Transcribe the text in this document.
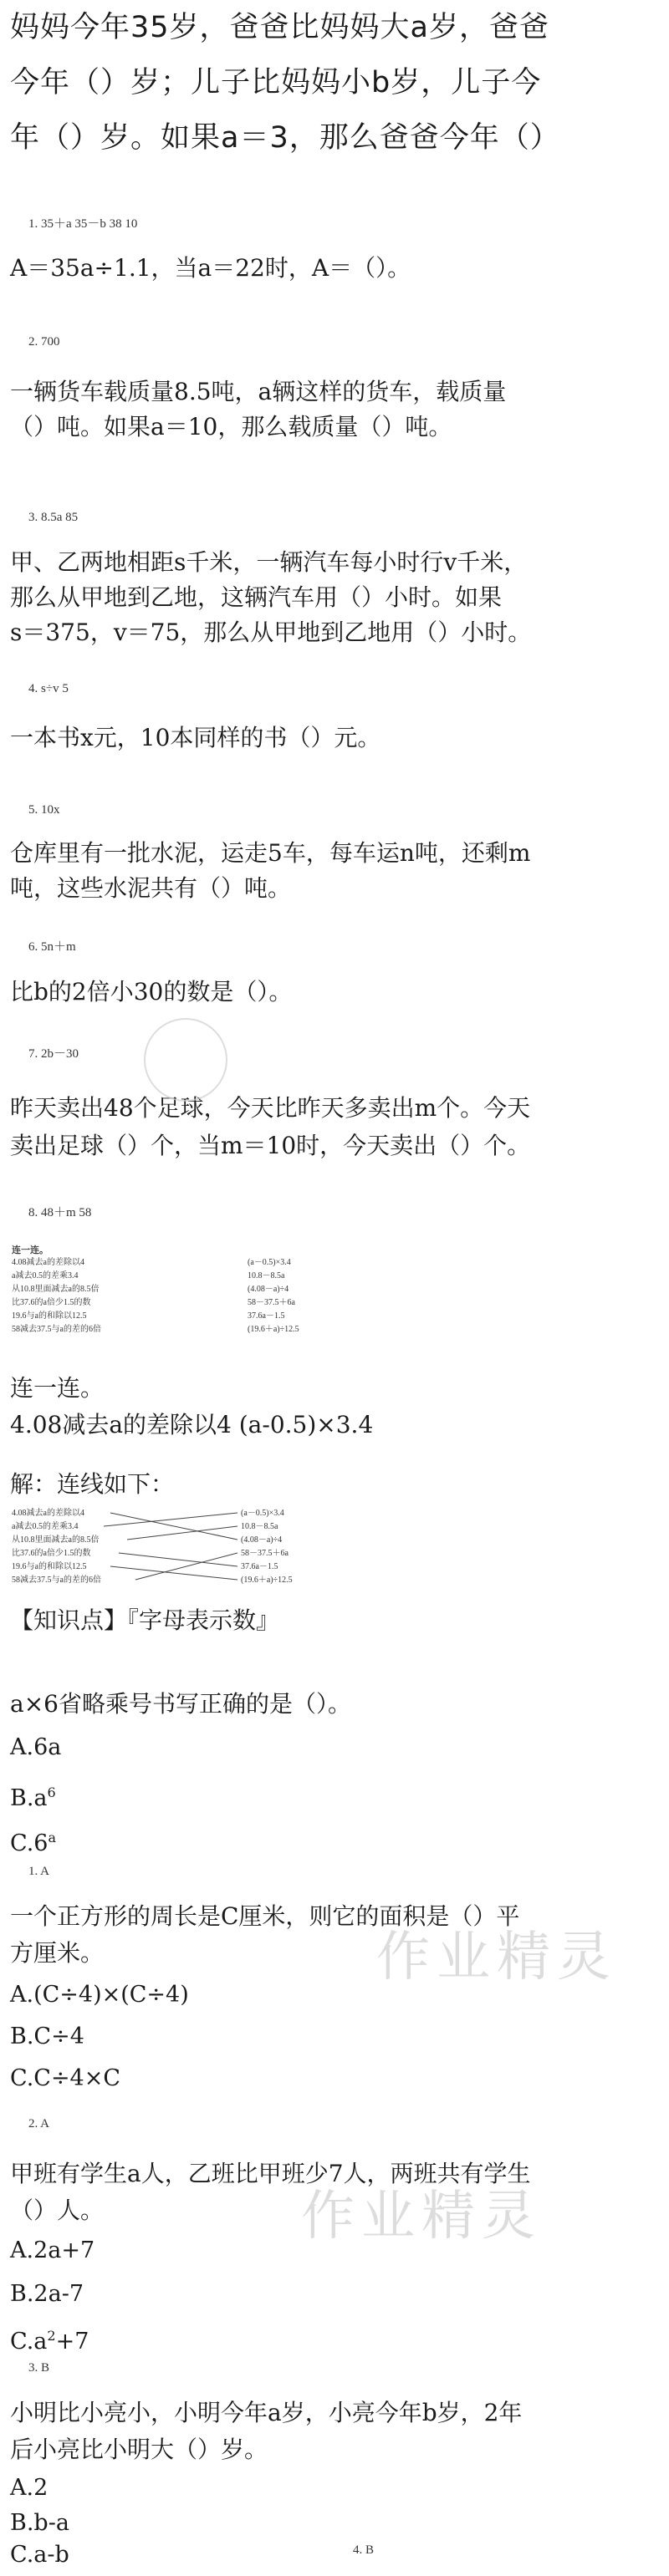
妈妈今年35岁，爸爸比妈妈大a岁，爸爸
今年（）岁；儿子比妈妈小b岁，儿子今
年（）岁。如果a＝3，那么爸爸今年（）
1. 35＋a 35－b 38 10
A＝35a÷1.1，当a＝22时，A＝（）。
2. 700
一辆货车载质量8.5吨，a辆这样的货车，载质量
（）吨。如果a＝10，那么载质量（）吨。
3. 8.5a 85
甲、乙两地相距s千米，一辆汽车每小时行v千米，
那么从甲地到乙地，这辆汽车用（）小时。如果
s＝375，v＝75，那么从甲地到乙地用（）小时。
4. s÷v 5
一本书x元，10本同样的书（）元。
5. 10x
仓库里有一批水泥，运走5车，每车运n吨，还剩m
吨，这些水泥共有（）吨。
6. 5n＋m
比b的2倍小30的数是（）。
7. 2b－30
昨天卖出48个足球，今天比昨天多卖出m个。今天
卖出足球（）个，当m＝10时，今天卖出（）个。
8. 48＋m 58
连一连。
4.08减去a的差除以4
a减去0.5的差乘3.4
从10.8里面减去a的8.5倍
比37.6的a倍少1.5的数
19.6与a的和除以12.5
58减去37.5与a的差的6倍
(a－0.5)×3.4
10.8－8.5a
(4.08－a)÷4
58－37.5＋6a
37.6a－1.5
(19.6＋a)÷12.5
连一连。
4.08减去a的差除以4 (a-0.5)×3.4
解：连线如下：
4.08减去a的差除以4
a减去0.5的差乘3.4
从10.8里面减去a的8.5倍
比37.6的a倍少1.5的数
19.6与a的和除以12.5
58减去37.5与a的差的6倍
(a－0.5)×3.4
10.8－8.5a
(4.08－a)÷4
58－37.5＋6a
37.6a－1.5
(19.6＋a)÷12.5
【知识点】『字母表示数』
a×6省略乘号书写正确的是（）。
A.6a
$B.a^6$
C.6$^a$
1. A
一个正方形的周长是C厘米，则它的面积是（）平
方厘米。
A.(C÷4)×(C÷4)
B.C÷4
C.C÷4×C
作业精灵
2. A
甲班有学生a人，乙班比甲班少7人，两班共有学生
（）人。
A.2a+7
B.2a-7
$C.a^2+7$
作业精灵
3. B
小明比小亮小，小明今年a岁，小亮今年b岁，2年
后小亮比小明大（）岁。
A.2
B.b-a
C.a-b	4. B
